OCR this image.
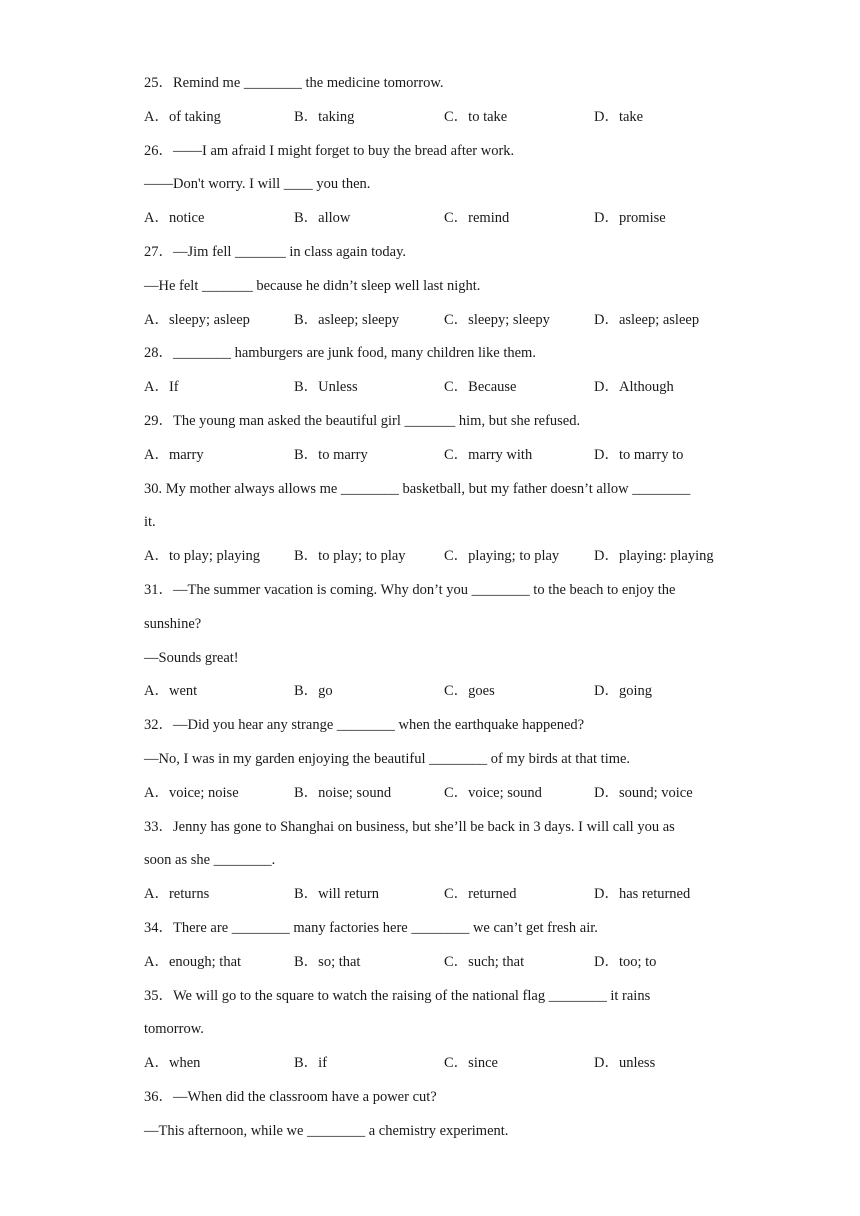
25．Remind me ________ the medicine tomorrow.
A．of taking	B．taking	C．to take	D．take
26．——I am afraid I might forget to buy the bread after work.
——Don't worry. I will ____ you then.
A．notice	B．allow	C．remind	D．promise
27．—Jim fell _______ in class again today.
—He felt _______ because he didn’t sleep well last night.
A．sleepy; asleep	B．asleep; sleepy	C．sleepy; sleepy	D．asleep; asleep
28．________ hamburgers are junk food, many children like them.
A．If	B．Unless	C．Because	D．Although
29．The young man asked the beautiful girl _______ him, but she refused.
A．marry	B．to marry	C．marry with	D．to marry to
30. My mother always allows me ________ basketball, but my father doesn’t allow ________
it.
A．to play; playing B．to play; to play	C．playing; to play D．playing: playing
31．—The summer vacation is coming. Why don’t you ________ to the beach to enjoy the
sunshine?
—Sounds great!
A．went	B．go	C．goes	D．going
32．—Did you hear any strange ________ when the earthquake happened?
—No, I was in my garden enjoying the beautiful ________ of my birds at that time.
A．voice; noise	B．noise; sound	C．voice; sound	D．sound; voice
33．Jenny has gone to Shanghai on business, but she’ll be back in 3 days. I will call you as
soon as she ________.
A．returns	B．will return	C．returned	D．has returned
34．There are ________ many factories here ________ we can’t get fresh air.
A．enough; that	B．so; that	C．such; that	D．too; to
35．We will go to the square to watch the raising of the national flag ________ it rains
tomorrow.
A．when	B．if	C．since	D．unless
36．—When did the classroom have a power cut?
—This afternoon, while we ________ a chemistry experiment.
